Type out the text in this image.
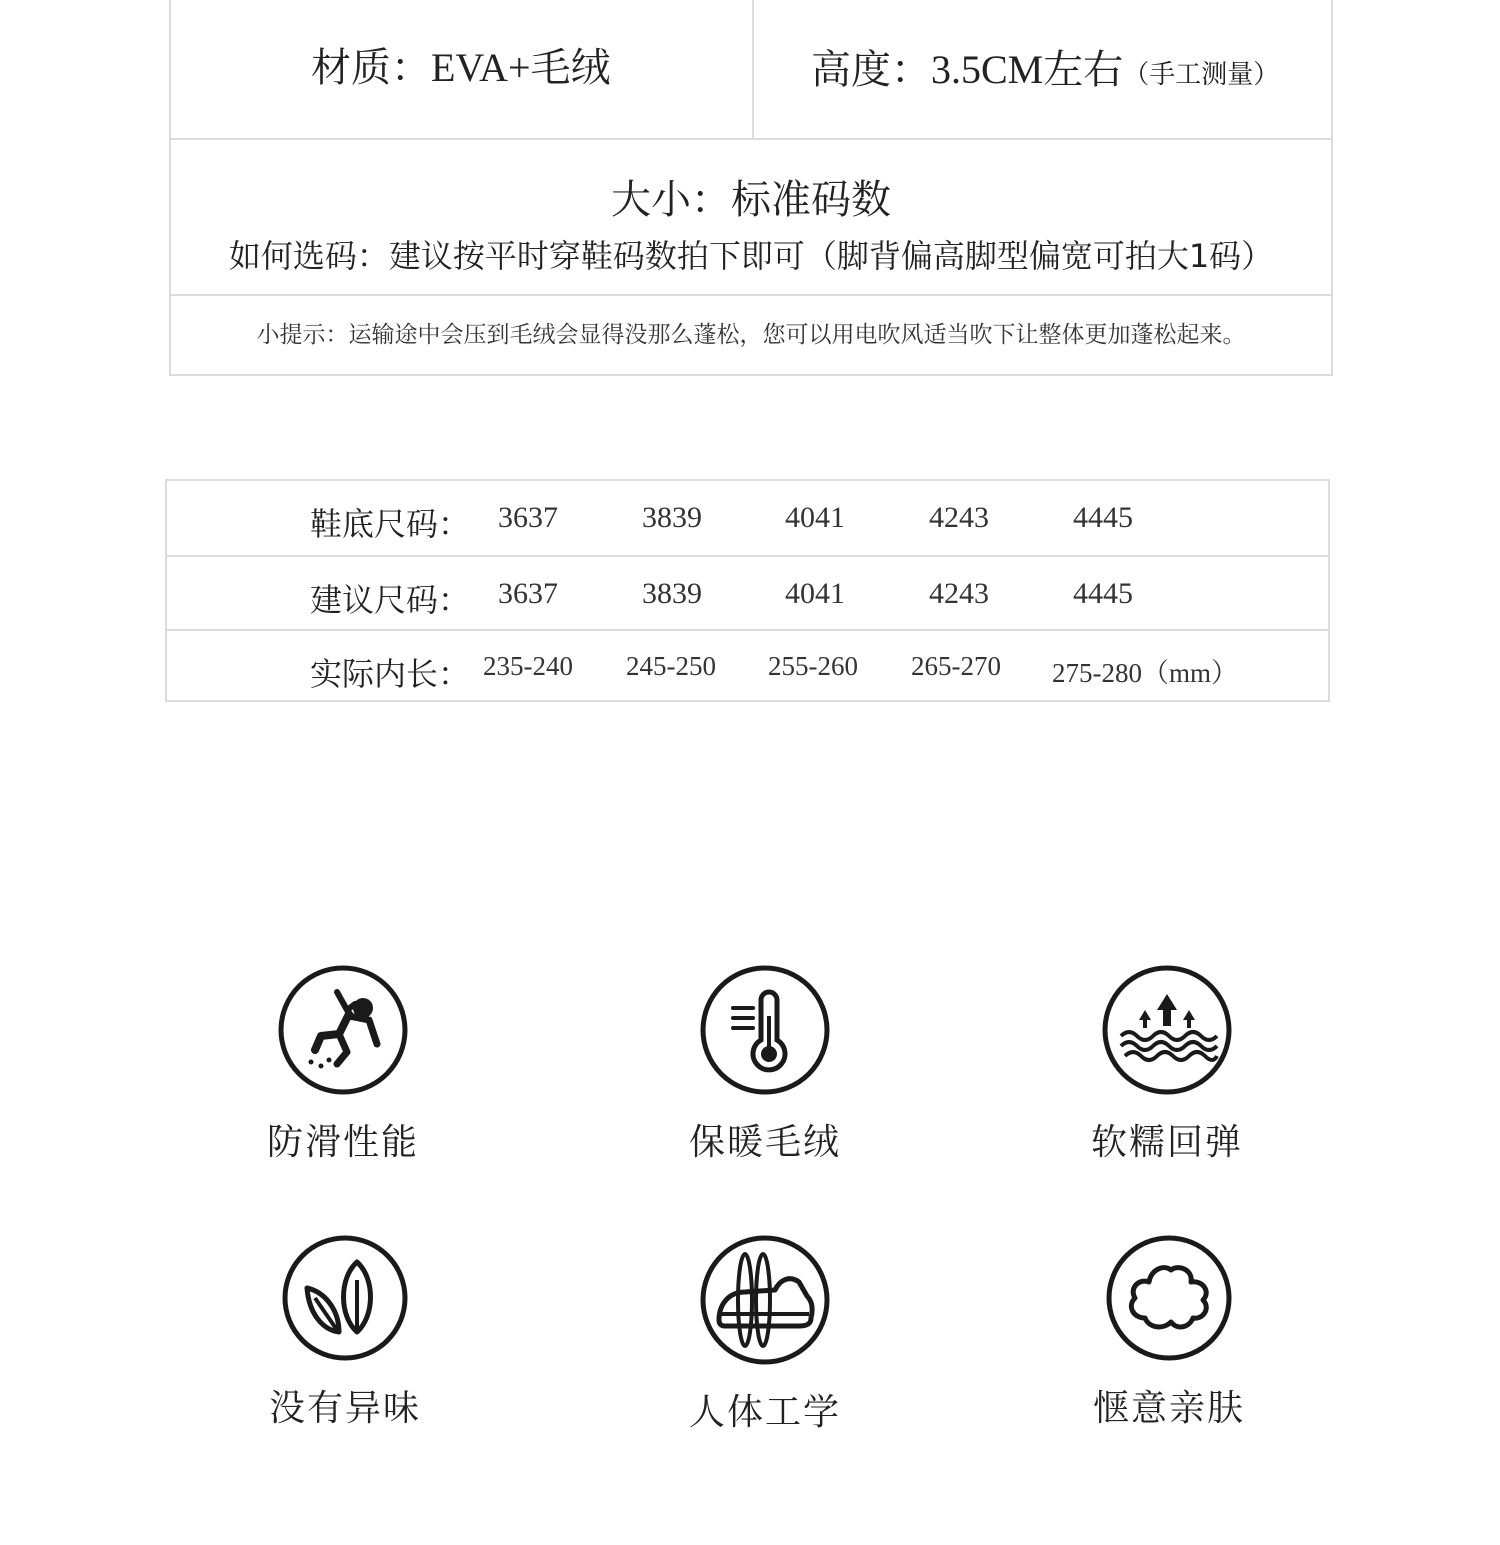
材质：EVA+毛绒	高度：3.5CM左右（手工测量）
大小：标准码数
如何选码：建议按平时穿鞋码数拍下即可（脚背偏高脚型偏宽可拍大1码）
小提示：运输途中会压到毛绒会显得没那么蓬松，您可以用电吹风适当吹下让整体更加蓬松起来。
鞋底尺码： 3637	3839	4041	4243	4445
建议尺码： 3637	3839	4041	4243	4445
实际内长： 235-240 245-250 255-260 265-270 275-280（mm）
防滑性能	保暖毛绒	软糯回弹
没有异味	人体工学	惬意亲肤
